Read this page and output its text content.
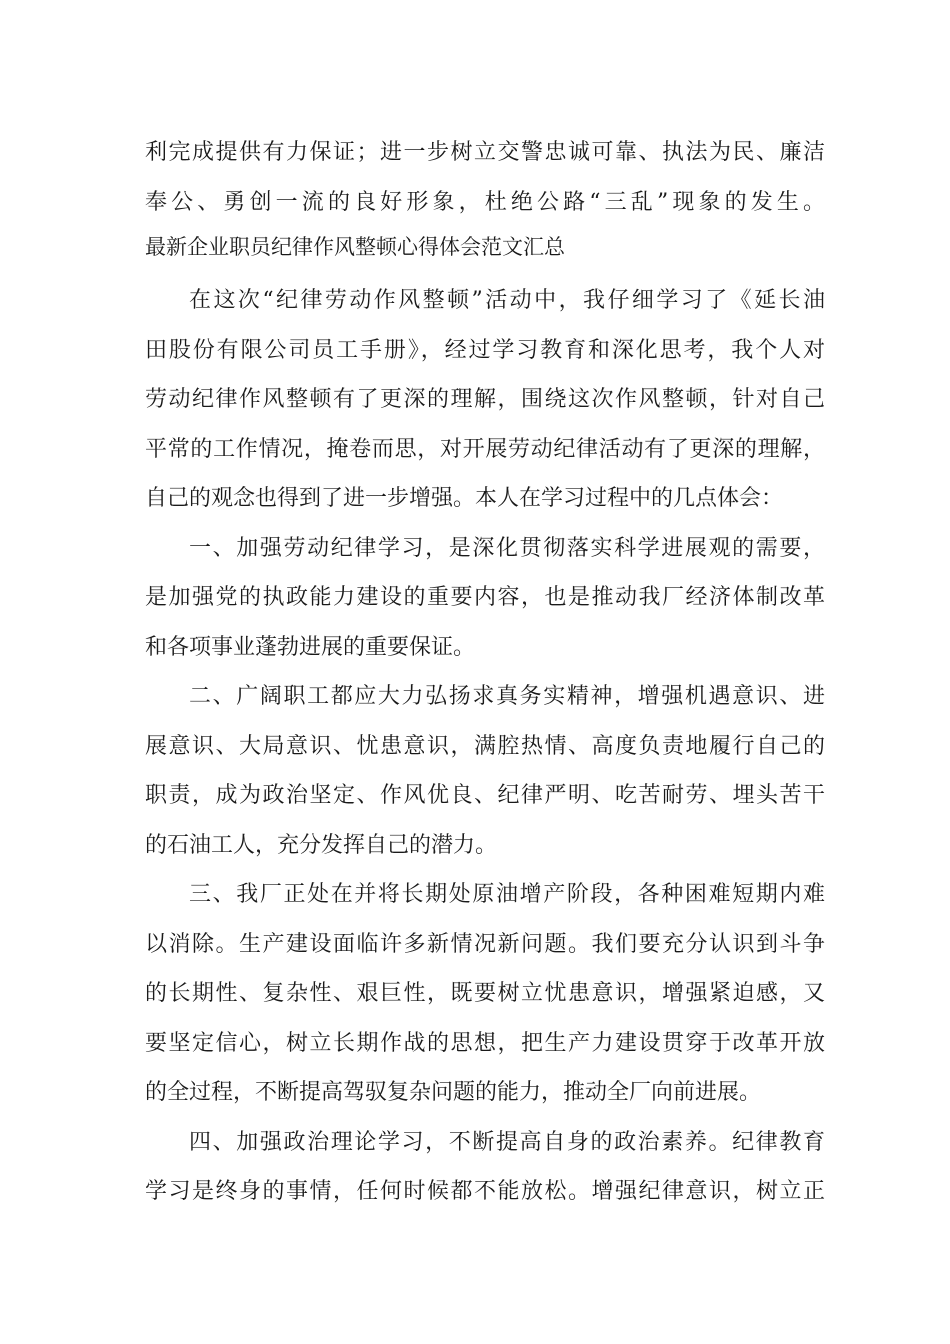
利完成提供有力保证；进一步树立交警忠诚可靠、执法为民、廉洁
奉公、勇创一流的良好形象，杜绝公路“三乱”现象的发生。
最新企业职员纪律作风整顿心得体会范文汇总
在这次“纪律劳动作风整顿”活动中，我仔细学习了《延长油
田股份有限公司员工手册》，经过学习教育和深化思考，我个人对
劳动纪律作风整顿有了更深的理解，围绕这次作风整顿，针对自己
平常的工作情况，掩卷而思，对开展劳动纪律活动有了更深的理解，
自己的观念也得到了进一步增强。本人在学习过程中的几点体会：
一、加强劳动纪律学习，是深化贯彻落实科学进展观的需要，
是加强党的执政能力建设的重要内容，也是推动我厂经济体制改革
和各项事业蓬勃进展的重要保证。
二、广阔职工都应大力弘扬求真务实精神，增强机遇意识、进
展意识、大局意识、忧患意识，满腔热情、高度负责地履行自己的
职责，成为政治坚定、作风优良、纪律严明、吃苦耐劳、埋头苦干
的石油工人，充分发挥自己的潜力。
三、我厂正处在并将长期处原油增产阶段，各种困难短期内难
以消除。生产建设面临许多新情况新问题。我们要充分认识到斗争
的长期性、复杂性、艰巨性，既要树立忧患意识，增强紧迫感，又
要坚定信心，树立长期作战的思想，把生产力建设贯穿于改革开放
的全过程，不断提高驾驭复杂问题的能力，推动全厂向前进展。
四、加强政治理论学习，不断提高自身的政治素养。纪律教育
学习是终身的事情，任何时候都不能放松。增强纪律意识，树立正
